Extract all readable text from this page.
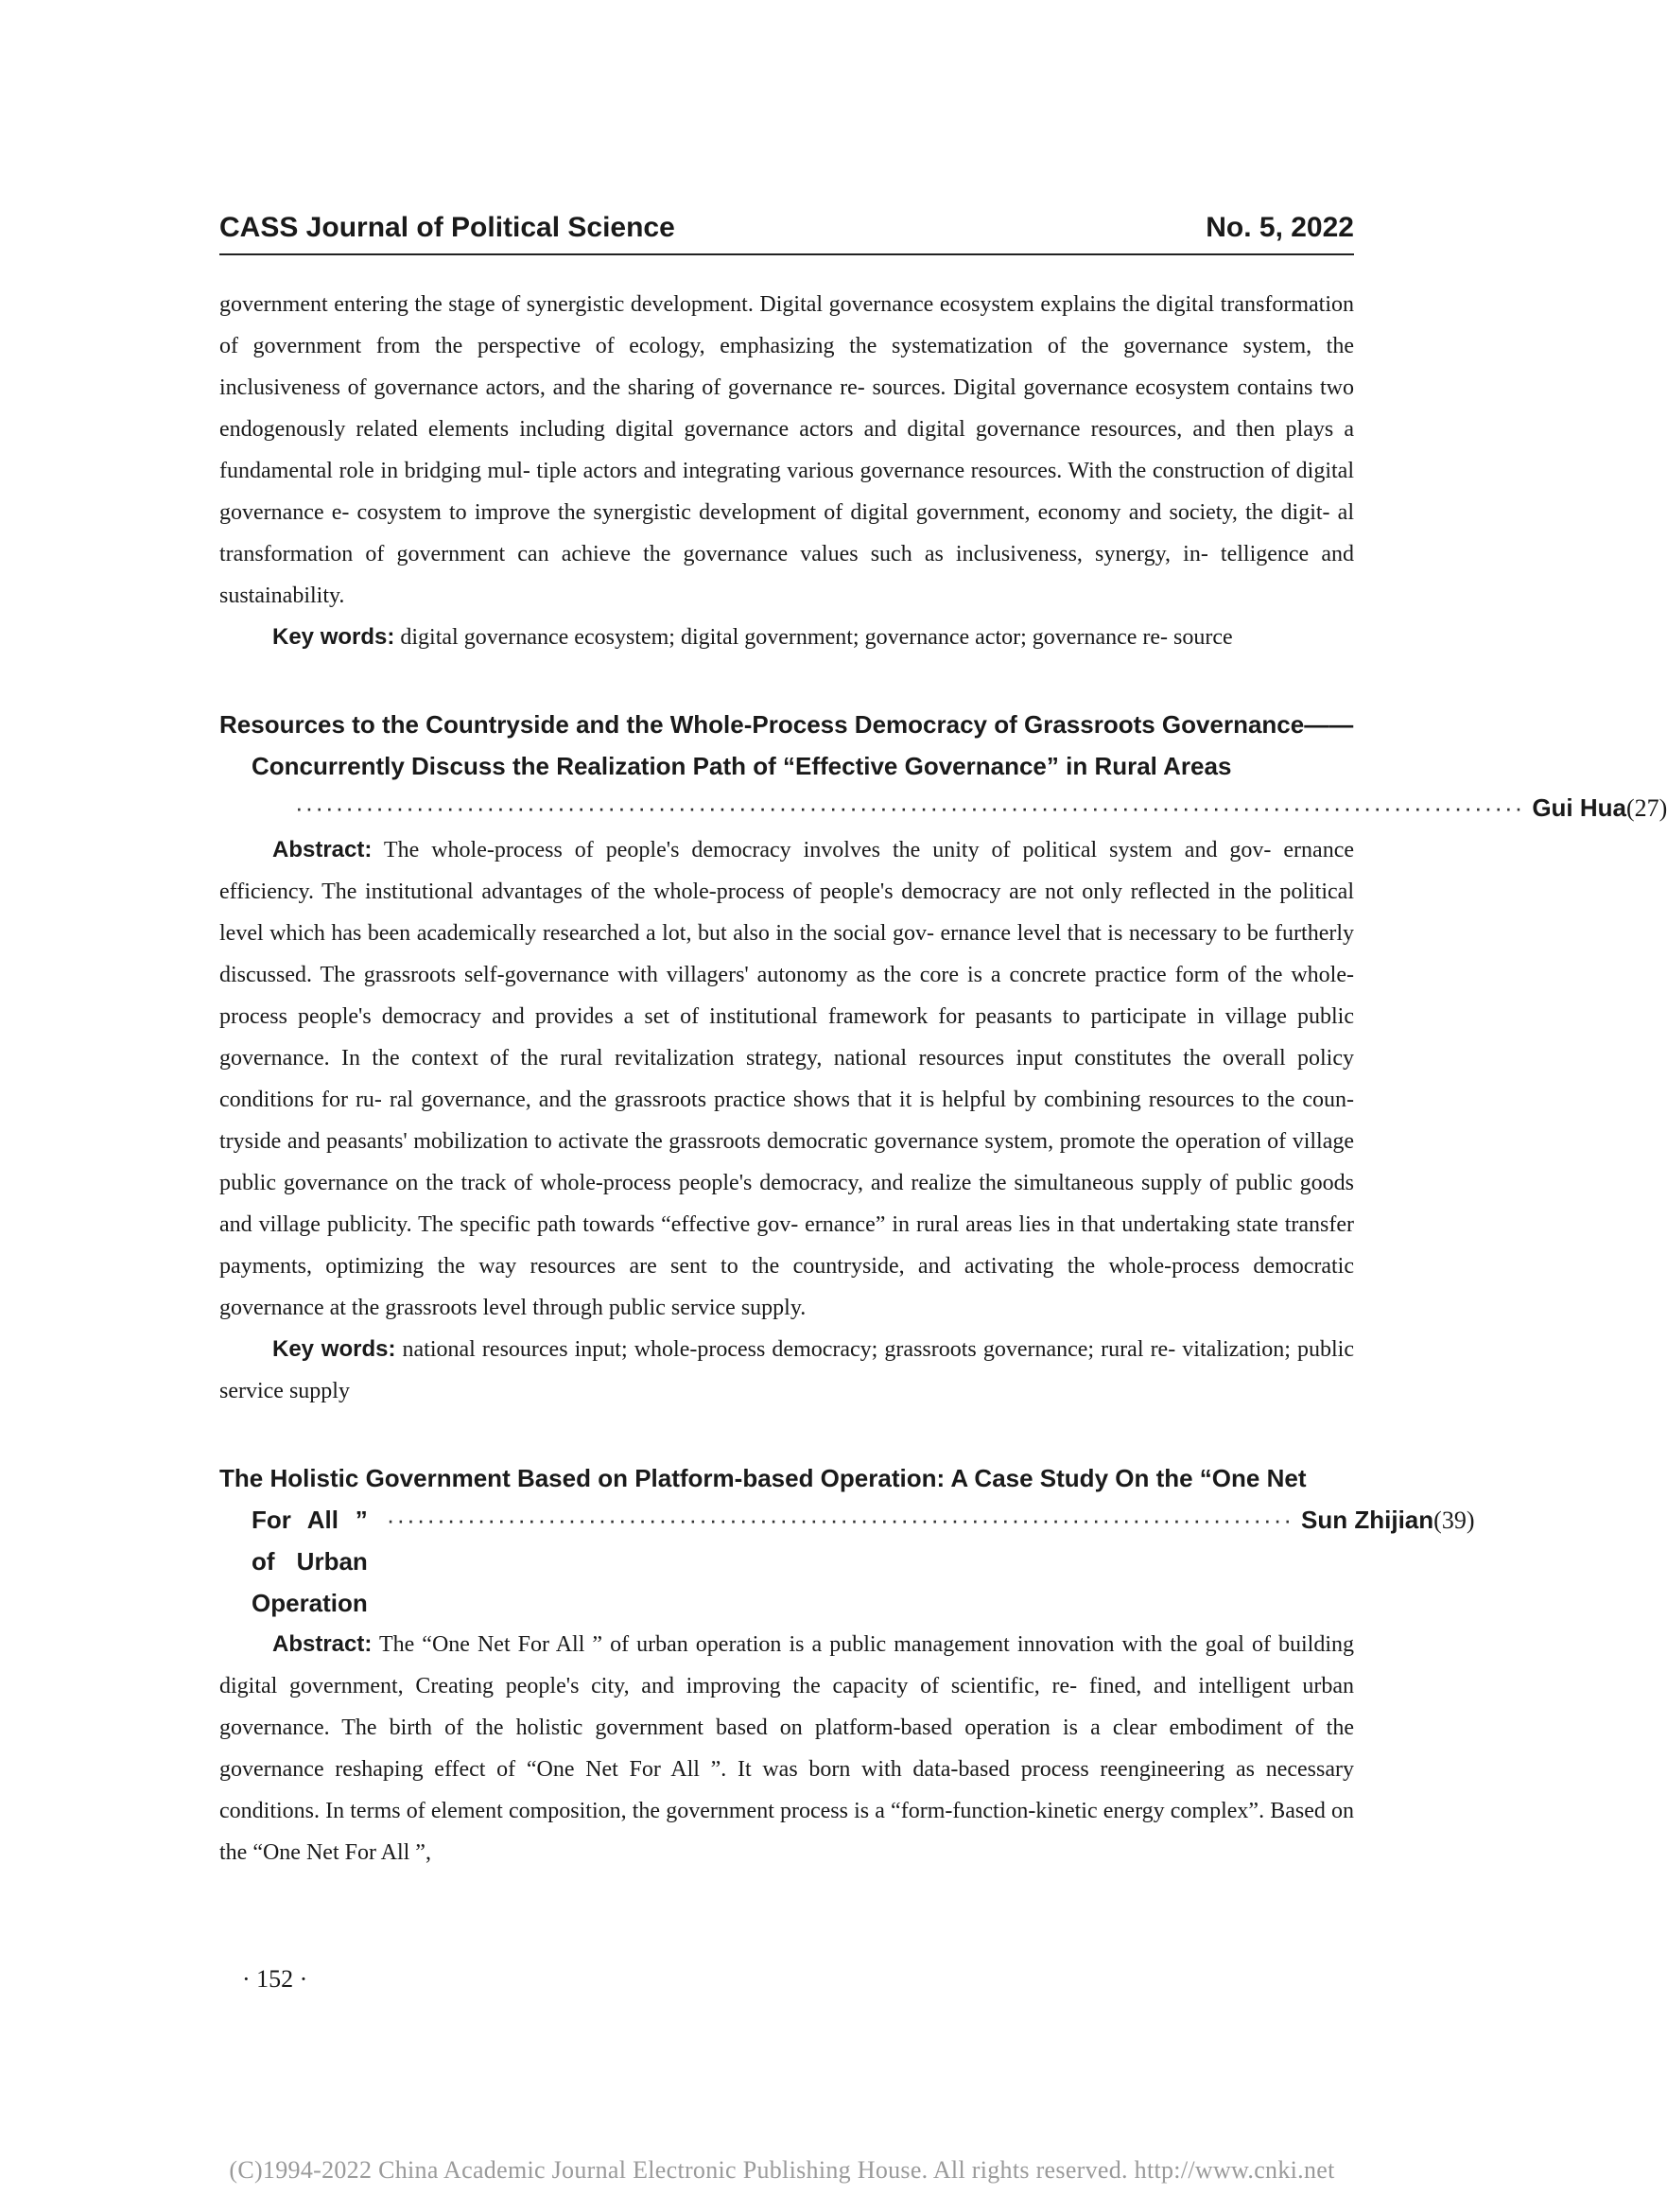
CASS Journal of Political Science	No. 5, 2022

government entering the stage of synergistic development. Digital governance ecosystem explains the digital transformation of government from the perspective of ecology, emphasizing the systematization of the governance system, the inclusiveness of governance actors, and the sharing of governance re- sources. Digital governance ecosystem contains two endogenously related elements including digital governance actors and digital governance resources, and then plays a fundamental role in bridging mul- tiple actors and integrating various governance resources. With the construction of digital governance e- cosystem to improve the synergistic development of digital government, economy and society, the digit- al transformation of government can achieve the governance values such as inclusiveness, synergy, in- telligence and sustainability.

Key words: digital governance ecosystem; digital government; governance actor; governance re- source

Resources to the Countryside and the Whole-Process Democracy of Grassroots Governance——
Concurrently Discuss the Realization Path of “Effective Governance” in Rural Areas
·························································································································· Gui Hua(27)

Abstract: The whole-process of people's democracy involves the unity of political system and gov- ernance efficiency. The institutional advantages of the whole-process of people's democracy are not only reflected in the political level which has been academically researched a lot, but also in the social gov- ernance level that is necessary to be furtherly discussed. The grassroots self-governance with villagers' autonomy as the core is a concrete practice form of the whole-process people's democracy and provides a set of institutional framework for peasants to participate in village public governance. In the context of the rural revitalization strategy, national resources input constitutes the overall policy conditions for ru- ral governance, and the grassroots practice shows that it is helpful by combining resources to the coun- tryside and peasants' mobilization to activate the grassroots democratic governance system, promote the operation of village public governance on the track of whole-process people's democracy, and realize the simultaneous supply of public goods and village publicity. The specific path towards “effective gov- ernance” in rural areas lies in that undertaking state transfer payments, optimizing the way resources are sent to the countryside, and activating the whole-process democratic governance at the grassroots level through public service supply.

Key words: national resources input; whole-process democracy; grassroots governance; rural re- vitalization; public service supply

The Holistic Government Based on Platform-based Operation: A Case Study On the “One Net
For All ” of Urban Operation
·························································································· Sun Zhijian(39)

Abstract: The “One Net For All ” of urban operation is a public management innovation with the goal of building digital government, Creating people's city, and improving the capacity of scientific, re- fined, and intelligent urban governance. The birth of the holistic government based on platform-based operation is a clear embodiment of the governance reshaping effect of “One Net For All ”. It was born with data-based process reengineering as necessary conditions. In terms of element composition, the government process is a “form-function-kinetic energy complex”. Based on the “One Net For All ”,

· 152 ·
(C)1994-2022 China Academic Journal Electronic Publishing House. All rights reserved. http://www.cnki.net
